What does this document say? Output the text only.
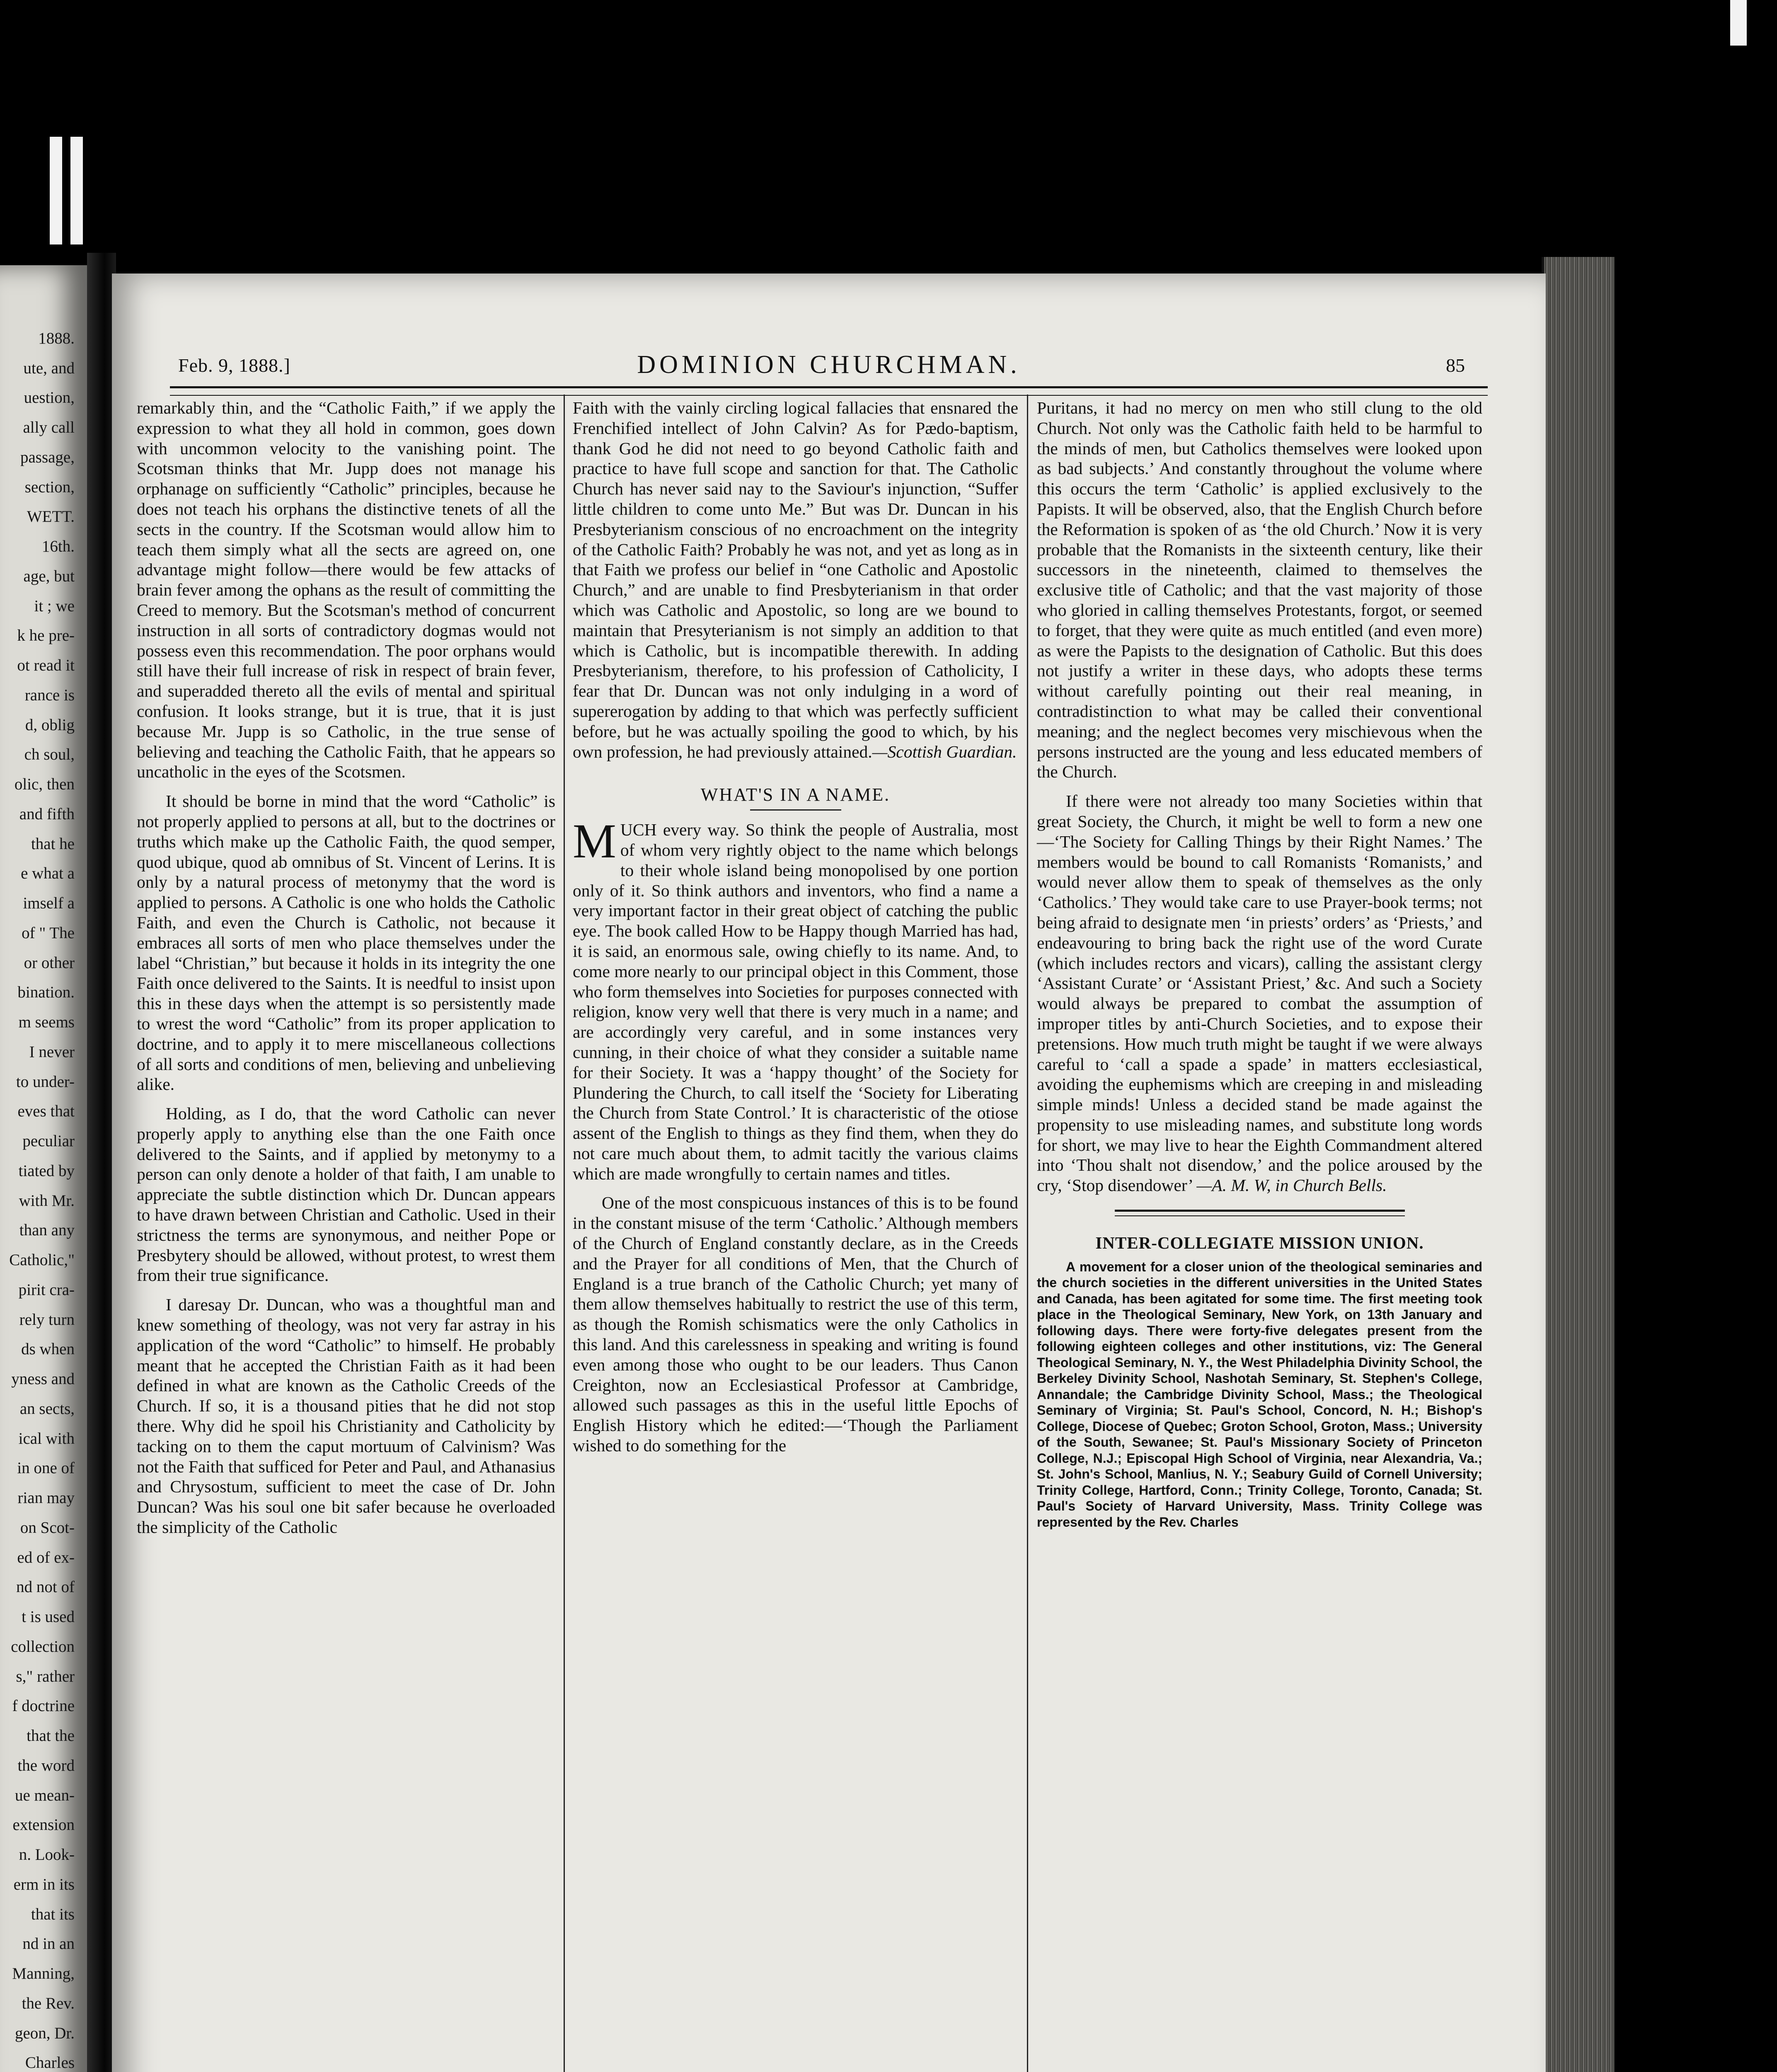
1888.
ute, and
uestion,
ally call
passage,
section,
WETT.
16th.
age, but
it ; we
k he pre-
ot read it
rance is
d, oblig
ch soul,
olic, then
and fifth
that he
e what a
imself a
of " The
or other
bination.
m seems
I never
to under-
eves that
peculiar
tiated by
with Mr.
than any
Catholic,"
pirit cra-
rely turn
ds when
yness and
an sects,
ical with
in one of
rian may
on Scot-
ed of ex-
nd not of
t is used
collection
s," rather
f doctrine
that the
the word
ue mean-
extension
n. Look-
erm in its
that its
nd in an
Manning,
the Rev.
geon, Dr.
Charles
Feb. 9, 1888.]	DOMINION CHURCHMAN.	85

remarkably thin, and the “Catholic Faith,” if we apply the expression to what they all hold in common, goes down with uncommon velocity to the vanishing point. The Scotsman thinks that Mr. Jupp does not manage his orphanage on sufficiently “Catholic” principles, because he does not teach his orphans the distinctive tenets of all the sects in the country. If the Scotsman would allow him to teach them simply what all the sects are agreed on, one advantage might follow—there would be few attacks of brain fever among the ophans as the result of committing the Creed to memory. But the Scotsman's method of concurrent instruction in all sorts of contradictory dogmas would not possess even this recommendation. The poor orphans would still have their full increase of risk in respect of brain fever, and superadded thereto all the evils of mental and spiritual confusion. It looks strange, but it is true, that it is just because Mr. Jupp is so Catholic, in the true sense of believing and teaching the Catholic Faith, that he appears so uncatholic in the eyes of the Scotsmen.

It should be borne in mind that the word “Catholic” is not properly applied to persons at all, but to the doctrines or truths which make up the Catholic Faith, the quod semper, quod ubique, quod ab omnibus of St. Vincent of Lerins. It is only by a natural process of metonymy that the word is applied to persons. A Catholic is one who holds the Catholic Faith, and even the Church is Catholic, not because it embraces all sorts of men who place themselves under the label “Christian,” but because it holds in its integrity the one Faith once delivered to the Saints. It is needful to insist upon this in these days when the attempt is so persistently made to wrest the word “Catholic” from its proper application to doctrine, and to apply it to mere miscellaneous collections of all sorts and conditions of men, believing and unbelieving alike.

Holding, as I do, that the word Catholic can never properly apply to anything else than the one Faith once delivered to the Saints, and if applied by metonymy to a person can only denote a holder of that faith, I am unable to appreciate the subtle distinction which Dr. Duncan appears to have drawn between Christian and Catholic. Used in their strictness the terms are synonymous, and neither Pope or Presbytery should be allowed, without protest, to wrest them from their true significance.

I daresay Dr. Duncan, who was a thoughtful man and knew something of theology, was not very far astray in his application of the word “Catholic” to himself. He probably meant that he accepted the Christian Faith as it had been defined in what are known as the Catholic Creeds of the Church. If so, it is a thousand pities that he did not stop there. Why did he spoil his Christianity and Catholicity by tacking on to them the caput mortuum of Calvinism? Was not the Faith that sufficed for Peter and Paul, and Athanasius and Chrysostum, sufficient to meet the case of Dr. John Duncan? Was his soul one bit safer because he overloaded the simplicity of the Catholic

Faith with the vainly circling logical fallacies that ensnared the Frenchified intellect of John Calvin? As for Pædo-baptism, thank God he did not need to go beyond Catholic faith and practice to have full scope and sanction for that. The Catholic Church has never said nay to the Saviour's injunction, “Suffer little children to come unto Me.” But was Dr. Duncan in his Presbyterianism conscious of no encroachment on the integrity of the Catholic Faith? Probably he was not, and yet as long as in that Faith we profess our belief in “one Catholic and Apostolic Church,” and are unable to find Presbyterianism in that order which was Catholic and Apostolic, so long are we bound to maintain that Presyterianism is not simply an addition to that which is Catholic, but is incompatible therewith. In adding Presbyterianism, therefore, to his profession of Catholicity, I fear that Dr. Duncan was not only indulging in a word of supererogation by adding to that which was perfectly sufficient before, but he was actually spoiling the good to which, by his own profession, he had previously attained.—Scottish Guardian.

WHAT'S IN A NAME.

MUCH every way. So think the people of Australia, most of whom very rightly object to the name which belongs to their whole island being monopolised by one portion only of it. So think authors and inventors, who find a name a very important factor in their great object of catching the public eye. The book called How to be Happy though Married has had, it is said, an enormous sale, owing chiefly to its name. And, to come more nearly to our principal object in this Comment, those who form themselves into Societies for purposes connected with religion, know very well that there is very much in a name; and are accordingly very careful, and in some instances very cunning, in their choice of what they consider a suitable name for their Society. It was a ‘happy thought’ of the Society for Plundering the Church, to call itself the ‘Society for Liberating the Church from State Control.’ It is characteristic of the otiose assent of the English to things as they find them, when they do not care much about them, to admit tacitly the various claims which are made wrongfully to certain names and titles.

One of the most conspicuous instances of this is to be found in the constant misuse of the term ‘Catholic.’ Although members of the Church of England constantly declare, as in the Creeds and the Prayer for all conditions of Men, that the Church of England is a true branch of the Catholic Church; yet many of them allow themselves habitually to restrict the use of this term, as though the Romish schismatics were the only Catholics in this land. And this carelessness in speaking and writing is found even among those who ought to be our leaders. Thus Canon Creighton, now an Ecclesiastical Professor at Cambridge, allowed such passages as this in the useful little Epochs of English History which he edited:—‘Though the Parliament wished to do something for the

Puritans, it had no mercy on men who still clung to the old Church. Not only was the Catholic faith held to be harmful to the minds of men, but Catholics themselves were looked upon as bad subjects.’ And constantly throughout the volume where this occurs the term ‘Catholic’ is applied exclusively to the Papists. It will be observed, also, that the English Church before the Reformation is spoken of as ‘the old Church.’ Now it is very probable that the Romanists in the sixteenth century, like their successors in the nineteenth, claimed to themselves the exclusive title of Catholic; and that the vast majority of those who gloried in calling themselves Protestants, forgot, or seemed to forget, that they were quite as much entitled (and even more) as were the Papists to the designation of Catholic. But this does not justify a writer in these days, who adopts these terms without carefully pointing out their real meaning, in contradistinction to what may be called their conventional meaning; and the neglect becomes very mischievous when the persons instructed are the young and less educated members of the Church.

If there were not already too many Societies within that great Society, the Church, it might be well to form a new one—‘The Society for Calling Things by their Right Names.’ The members would be bound to call Romanists ‘Romanists,’ and would never allow them to speak of themselves as the only ‘Catholics.’ They would take care to use Prayer-book terms; not being afraid to designate men ‘in priests’ orders’ as ‘Priests,’ and endeavouring to bring back the right use of the word Curate (which includes rectors and vicars), calling the assistant clergy ‘Assistant Curate’ or ‘Assistant Priest,’ &c. And such a Society would always be prepared to combat the assumption of improper titles by anti-Church Societies, and to expose their pretensions. How much truth might be taught if we were always careful to ‘call a spade a spade’ in matters ecclesiastical, avoiding the euphemisms which are creeping in and misleading simple minds! Unless a decided stand be made against the propensity to use misleading names, and substitute long words for short, we may live to hear the Eighth Commandment altered into ‘Thou shalt not disendow,’ and the police aroused by the cry, ‘Stop disendower’ —A. M. W, in Church Bells.

INTER-COLLEGIATE MISSION UNION.

A movement for a closer union of the theological seminaries and the church societies in the different universities in the United States and Canada, has been agitated for some time. The first meeting took place in the Theological Seminary, New York, on 13th January and following days. There were forty-five delegates present from the following eighteen colleges and other institutions, viz: The General Theological Seminary, N. Y., the West Philadelphia Divinity School, the Berkeley Divinity School, Nashotah Seminary, St. Stephen's College, Annandale; the Cambridge Divinity School, Mass.; the Theological Seminary of Virginia; St. Paul's School, Concord, N. H.; Bishop's College, Diocese of Quebec; Groton School, Groton, Mass.; University of the South, Sewanee; St. Paul's Missionary Society of Princeton College, N.J.; Episcopal High School of Virginia, near Alexandria, Va.; St. John's School, Manlius, N. Y.; Seabury Guild of Cornell University; Trinity College, Hartford, Conn.; Trinity College, Toronto, Canada; St. Paul's Society of Harvard University, Mass. Trinity College was represented by the Rev. Charles
